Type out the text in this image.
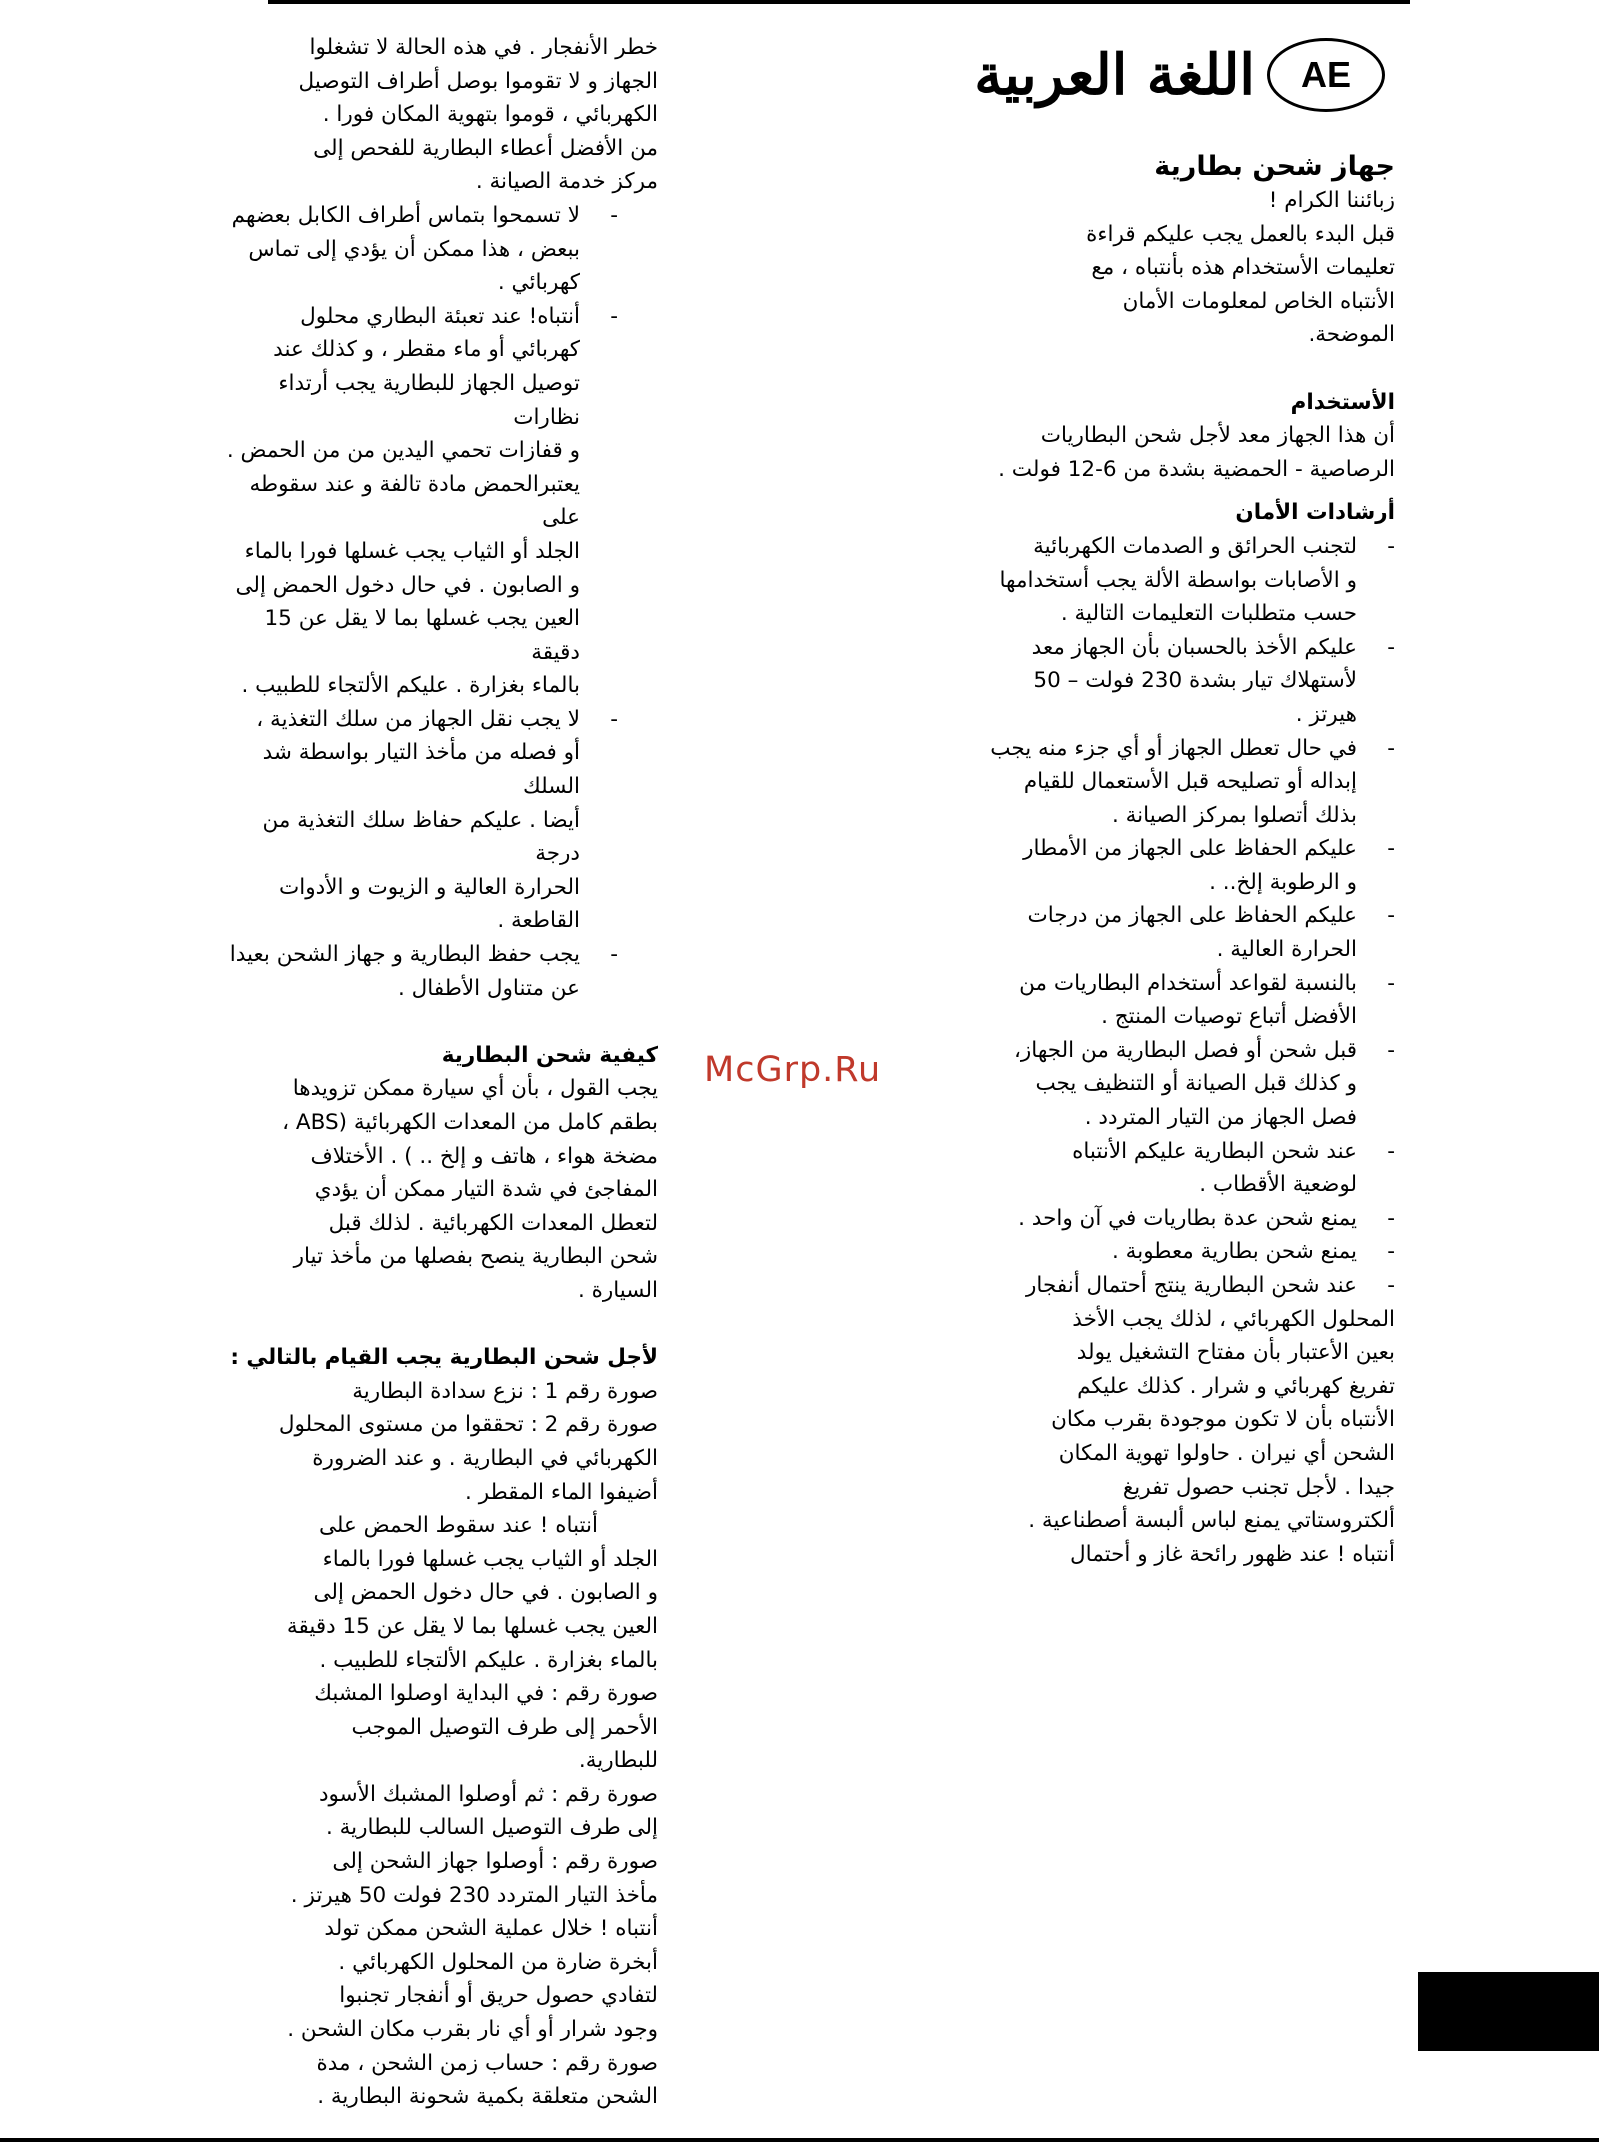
اللغة العربية	AE
جهاز شحن بطارية
زبائننا الكرام !
قبل البدء بالعمل يجب عليكم قراءة
تعليمات الأستخدام هذه بأنتباه ، مع
الأنتباه الخاص لمعلومات الأمان
الموضحة.
الأستخدام
أن هذا الجهاز معد لأجل شحن البطاريات
الرصاصية - الحمضية بشدة من 6-12 فولت .
أرشادات الأمان
- لتجنب الحرائق و الصدمات الكهربائية
و الأصابات بواسطة الألة يجب أستخدامها
حسب متطلبات التعليمات التالية .
- عليكم الأخذ بالحسبان بأن الجهاز معد
لأستهلاك تيار بشدة 230 فولت – 50
هيرتز .
- في حال تعطل الجهاز أو أي جزء منه يجب
إبداله أو تصليحه قبل الأستعمال للقيام
بذلك أتصلوا بمركز الصيانة .
- عليكم الحفاظ على الجهاز من الأمطار
و الرطوبة إلخ.. .
- عليكم الحفاظ على الجهاز من درجات
الحرارة العالية .
- بالنسبة لقواعد أستخدام البطاريات من
الأفضل أتباع توصيات المنتج .
- قبل شحن أو فصل البطارية من الجهاز،
و كذلك قبل الصيانة أو التنظيف يجب
فصل الجهاز من التيار المتردد .
- عند شحن البطارية عليكم الأنتباه
لوضعية الأقطاب .
- يمنع شحن عدة بطاريات في آن واحد .
- يمنع شحن بطارية معطوبة .
- عند شحن البطارية ينتج أحتمال أنفجار
المحلول الكهربائي ، لذلك يجب الأخذ
بعين الأعتبار بأن مفتاح التشغيل يولد
تفريغ كهربائي و شرار . كذلك عليكم
الأنتباه بأن لا تكون موجودة بقرب مكان
الشحن أي نيران . حاولوا تهوية المكان
جيدا . لأجل تجنب حصول تفريغ
ألكتروستاتي يمنع لباس ألبسة أصطناعية .
أنتباه ! عند ظهور رائحة غاز و أحتمال
خطر الأنفجار . في هذه الحالة لا تشغلوا
الجهاز و لا تقوموا بوصل أطراف التوصيل
الكهربائي ، قوموا بتهوية المكان فورا .
من الأفضل أعطاء البطارية للفحص إلى
مركز خدمة الصيانة .
- لا تسمحوا بتماس أطراف الكابل بعضهم
ببعض ، هذا ممكن أن يؤدي إلى تماس
كهربائي .
- أنتباه! عند تعبئة البطاري محلول
كهربائي أو ماء مقطر ، و كذلك عند
توصيل الجهاز للبطارية يجب أرتداء نظارات
و قفازات تحمي اليدين من من الحمض .
يعتبرالحمض مادة تالفة و عند سقوطه على
الجلد أو الثياب يجب غسلها فورا بالماء
و الصابون . في حال دخول الحمض إلى
العين يجب غسلها بما لا يقل عن 15 دقيقة
بالماء بغزارة . عليكم الألتجاء للطبيب .
- لا يجب نقل الجهاز من سلك التغذية ،
أو فصله من مأخذ التيار بواسطة شد السلك
أيضا . عليكم حفاظ سلك التغذية من درجة
الحرارة العالية و الزيوت و الأدوات القاطعة .
- يجب حفظ البطارية و جهاز الشحن بعيدا
عن متناول الأطفال .
كيفية شحن البطارية
يجب القول ، بأن أي سيارة ممكن تزويدها
بطقم كامل من المعدات الكهربائية (ABS ،
مضخة هواء ، هاتف و إلخ .. ) . الأختلاف
المفاجئ في شدة التيار ممكن أن يؤدي
لتعطل المعدات الكهربائية . لذلك قبل
شحن البطارية ينصح بفصلها من مأخذ تيار
السيارة .
لأجل شحن البطارية يجب القيام بالتالي :
صورة رقم 1 : نزع سدادة البطارية
صورة رقم 2 : تحققوا من مستوى المحلول
الكهربائي في البطارية . و عند الضرورة
أضيفوا الماء المقطر .
أنتباه ! عند سقوط الحمض على
الجلد أو الثياب يجب غسلها فورا بالماء
و الصابون . في حال دخول الحمض إلى
العين يجب غسلها بما لا يقل عن 15 دقيقة
بالماء بغزارة . عليكم الألتجاء للطبيب .
صورة رقم : في البداية اوصلوا المشبك
الأحمر إلى طرف التوصيل الموجب
للبطارية.
صورة رقم : ثم أوصلوا المشبك الأسود
إلى طرف التوصيل السالب للبطارية .
صورة رقم : أوصلوا جهاز الشحن إلى
مأخذ التيار المتردد 230 فولت 50 هيرتز .
أنتباه ! خلال عملية الشحن ممكن تولد
أبخرة ضارة من المحلول الكهربائي .
لتفادي حصول حريق أو أنفجار تجنبوا
وجود شرار أو أي نار بقرب مكان الشحن .
صورة رقم : حساب زمن الشحن ، مدة
الشحن متعلقة بكمية شحونة البطارية .
McGrp.Ru
